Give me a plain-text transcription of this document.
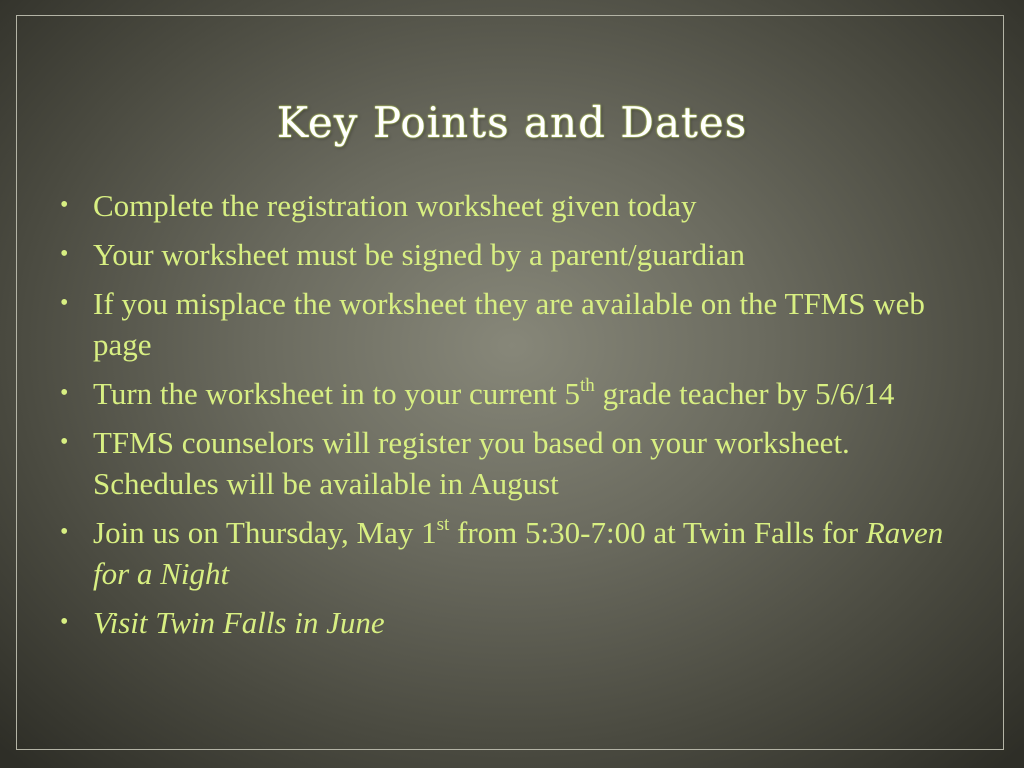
Key Points and Dates
• Complete the registration worksheet given today
• Your worksheet must be signed by a parent/guardian
• If you misplace the worksheet they are available on the TFMS web page
• Turn the worksheet in to your current 5th grade teacher by 5/6/14
• TFMS counselors will register you based on your worksheet. Schedules will be available in August
• Join us on Thursday, May 1st from 5:30-7:00 at Twin Falls for Raven for a Night
• Visit Twin Falls in June
